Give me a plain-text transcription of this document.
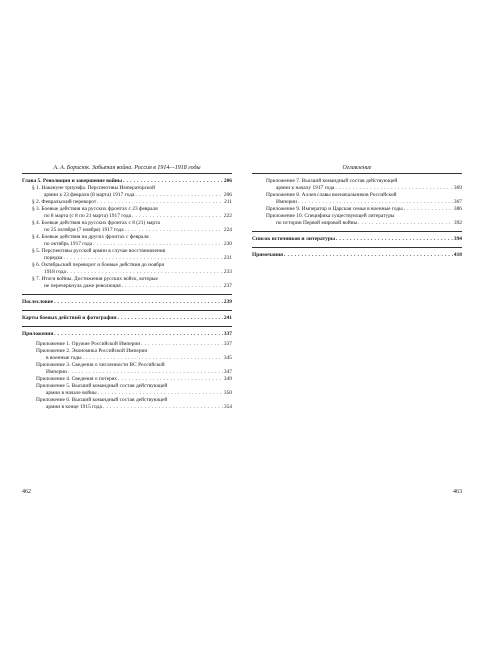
А. А. Борисюк. Забытая война. Россия в 1914—1918 годы
Глава 5. Революция и завершение войны . . .	206
§ 1. Накануне триумфа. Перспективы Императорской
армии к 23 февраля (8 марта) 1917 года . . .	206
§ 2. Февральский переворот . . .	211
§ 3. Боевые действия на русских фронтах с 23 февраля
по 8 марта (с 8 по 21 марта) 1917 года . . .	222
§ 4. Боевые действия на русских фронтах с 8 (21) марта
по 25 октября (7 ноября) 1917 года . . .	224
§ 4. Боевые действия на других фронтах с февраля
по октябрь 1917 года . . .	230
§ 5. Перспективы русской армии в случае восстановления
порядка . . .	231
§ 6. Октябрьский переворот и боевые действия до ноября
1918 года . . .	233
§ 7. Итоги войны. Достижения русских войск, которые
не перечеркнула даже революция . . .	237
Послесловие . . .	239
Карты боевых действий и фотографии . . .	241
Приложения . . .	337
Приложение 1. Оружие Российской Империи . . .	337
Приложение 2. Экономика Российской Империи
в военные годы . . .	345
Приложение 3. Сведения о численности ВС Российской
Империи . . .	347
Приложение 4. Сведения о потерях . . .	349
Приложение 5. Высший командный состав действующей
армии в начале войны . . .	350
Приложение 6. Высший командный состав действующей
армии в конце 1915 года . . .	354
462
Оглавление
Приложение 7. Высший командный состав действующей
армии к началу 1917 года . . .	369
Приложение 8. Аллея славы военачальников Российской
Империи . . .	367
Приложение 9. Император и Царская семья в военные годы . . .	386
Приложение 10. Специфика существующей литературы
по истории Первой мировой войны . . .	392
Список источников и литературы . . .	394
Примечания . . .	418
463
